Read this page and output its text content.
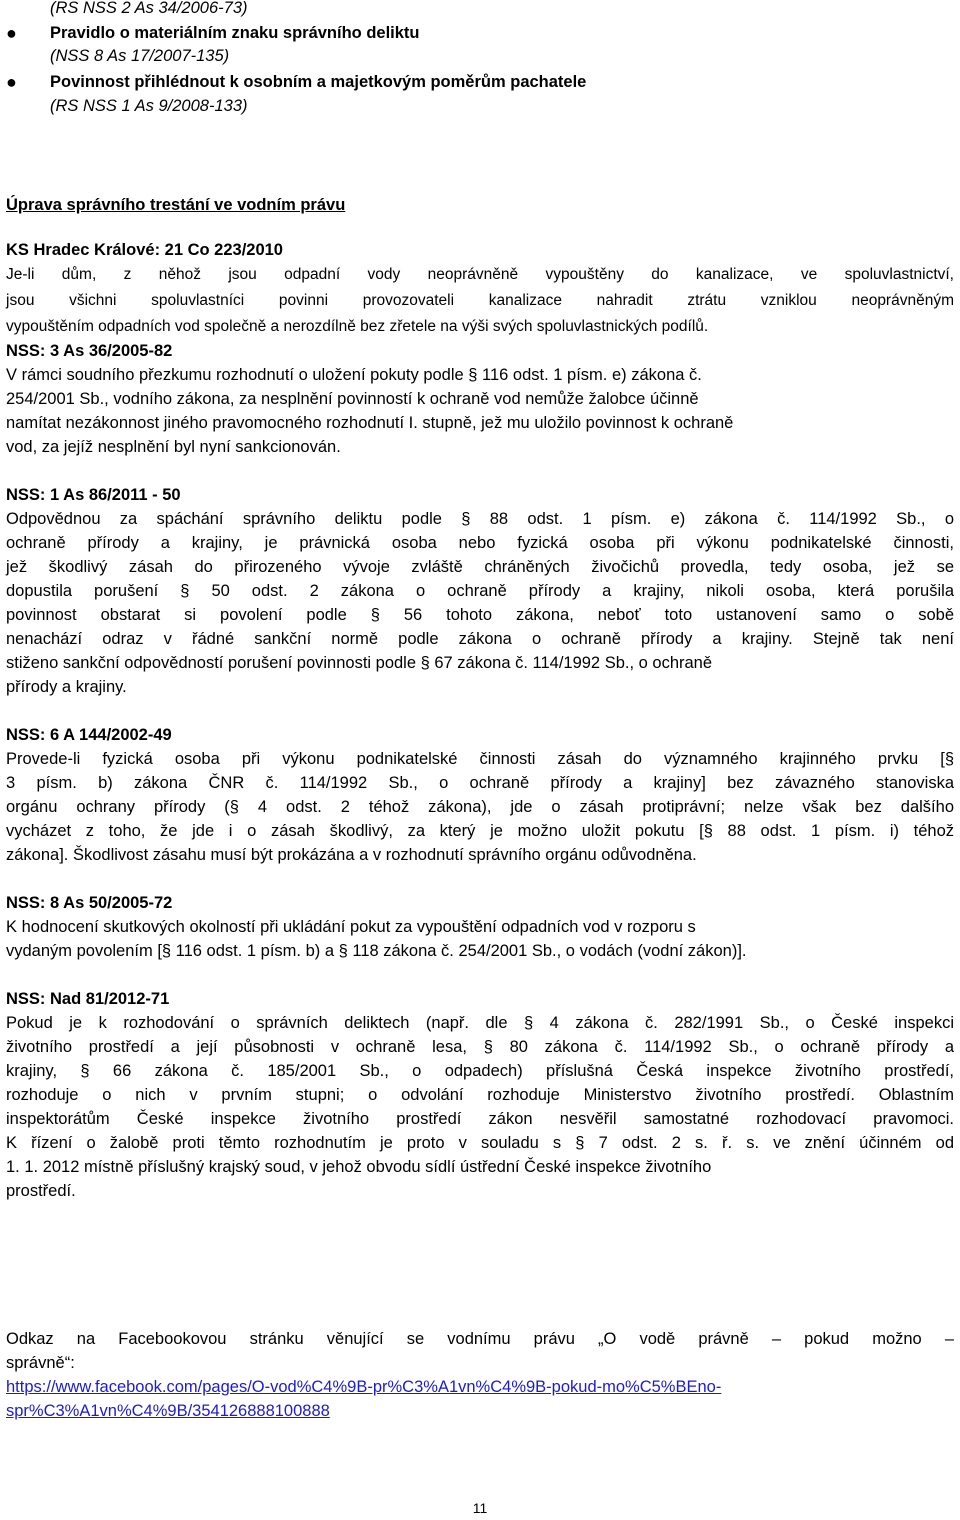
(RS NSS 2 As 34/2006-73)
● Pravidlo o materiálním znaku správního deliktu
(NSS 8 As 17/2007-135)
● Povinnost přihlédnout k osobním a majetkovým poměrům pachatele
(RS NSS 1 As 9/2008-133)
Úprava správního trestání ve vodním právu
KS Hradec Králové: 21 Co 223/2010
Je-li dům, z něhož jsou odpadní vody neoprávněně vypouštěny do kanalizace, ve spoluvlastnictví,
jsou všichni spoluvlastníci povinni provozovateli kanalizace nahradit ztrátu vzniklou neoprávněným
vypouštěním odpadních vod společně a nerozdílně bez zřetele na výši svých spoluvlastnických podílů.
NSS: 3 As 36/2005-82
V rámci soudního přezkumu rozhodnutí o uložení pokuty podle § 116 odst. 1 písm. e) zákona č.
254/2001 Sb., vodního zákona, za nesplnění povinností k ochraně vod nemůže žalobce účinně
namítat nezákonnost jiného pravomocného rozhodnutí I. stupně, jež mu uložilo povinnost k ochraně
vod, za jejíž nesplnění byl nyní sankcionován.
NSS: 1 As 86/2011 - 50
Odpovědnou za spáchání správního deliktu podle § 88 odst. 1 písm. e) zákona č. 114/1992 Sb., o
ochraně přírody a krajiny, je právnická osoba nebo fyzická osoba při výkonu podnikatelské činnosti,
jež škodlivý zásah do přirozeného vývoje zvláště chráněných živočichů provedla, tedy osoba, jež se
dopustila porušení § 50 odst. 2 zákona o ochraně přírody a krajiny, nikoli osoba, která porušila
povinnost obstarat si povolení podle § 56 tohoto zákona, neboť toto ustanovení samo o sobě
nenachází odraz v řádné sankční normě podle zákona o ochraně přírody a krajiny. Stejně tak není
stiženo sankční odpovědností porušení povinnosti podle § 67 zákona č. 114/1992 Sb., o ochraně
přírody a krajiny.
NSS: 6 A 144/2002-49
Provede-li fyzická osoba při výkonu podnikatelské činnosti zásah do významného krajinného prvku [§
3 písm. b) zákona ČNR č. 114/1992 Sb., o ochraně přírody a krajiny] bez závazného stanoviska
orgánu ochrany přírody (§ 4 odst. 2 téhož zákona), jde o zásah protiprávní; nelze však bez dalšího
vycházet z toho, že jde i o zásah škodlivý, za který je možno uložit pokutu [§ 88 odst. 1 písm. i) téhož
zákona]. Škodlivost zásahu musí být prokázána a v rozhodnutí správního orgánu odůvodněna.
NSS: 8 As 50/2005-72
K hodnocení skutkových okolností při ukládání pokut za vypouštění odpadních vod v rozporu s
vydaným povolením [§ 116 odst. 1 písm. b) a § 118 zákona č. 254/2001 Sb., o vodách (vodní zákon)].
NSS: Nad 81/2012-71
Pokud je k rozhodování o správních deliktech (např. dle § 4 zákona č. 282/1991 Sb., o České inspekci
životního prostředí a její působnosti v ochraně lesa, § 80 zákona č. 114/1992 Sb., o ochraně přírody a
krajiny, § 66 zákona č. 185/2001 Sb., o odpadech) příslušná Česká inspekce životního prostředí,
rozhoduje o nich v prvním stupni; o odvolání rozhoduje Ministerstvo životního prostředí. Oblastním
inspektorátům České inspekce životního prostředí zákon nesvěřil samostatné rozhodovací pravomoci.
K řízení o žalobě proti těmto rozhodnutím je proto v souladu s § 7 odst. 2 s. ř. s. ve znění účinném od
1. 1. 2012 místně příslušný krajský soud, v jehož obvodu sídlí ústřední České inspekce životního
prostředí.
Odkaz na Facebookovou stránku věnující se vodnímu právu „O vodě právně – pokud možno –
správně“:
https://www.facebook.com/pages/O-vod%C4%9B-pr%C3%A1vn%C4%9B-pokud-mo%C5%BEno-
spr%C3%A1vn%C4%9B/354126888100888
11
